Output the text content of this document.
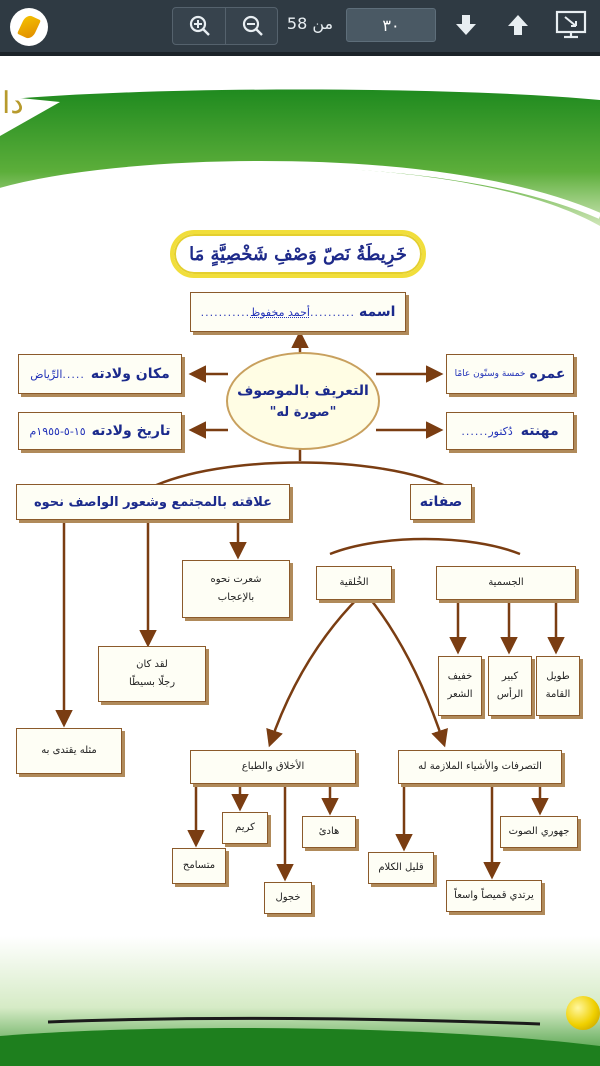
من 58	٣٠
دا
خَرِيطَةُ نَصّ وَصْفِ شَخْصِيَّةٍ مَا
اسمه
..........
أحمد مخفوظ
...........
مكان ولادته
.....
الرِّياض
تاريخ ولادته
١٥-٥-١٩٥٥م
عمره
خمسة وستّون عامًا
مهنته
دُكتور
......
التعريف بالموصوف
"صورة له"
علاقته بالمجتمع وشعور الواصف نحوه	صفاته
شعرت نحوه
بالإعجاب
لقد كان
رجلًا بسيطًا
مثله يقتدى به
الجسمية
خفيف
الشعر
كبير
الرأس
طويل
القامة
الخُلقية
الأخلاق والطباع
كريم	هادئ
متسامح
خجول
التصرفات والأشياء الملازمة له
قليل الكلام
جهوري الصوت
يرتدي قميصاً واسعاً
